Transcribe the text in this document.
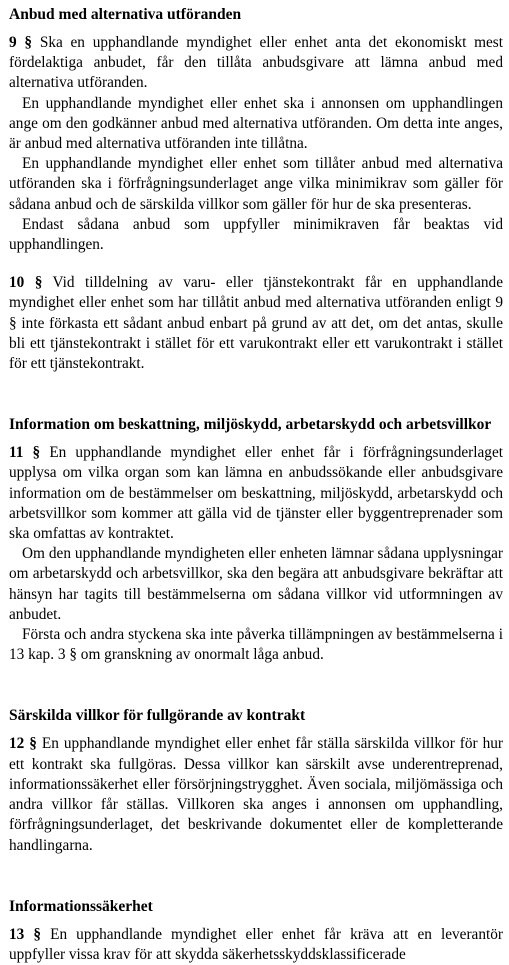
Anbud med alternativa utföranden

9 § Ska en upphandlande myndighet eller enhet anta det ekonomiskt mest fördelaktiga anbudet, får den tillåta anbudsgivare att lämna anbud med alternativa utföranden.

En upphandlande myndighet eller enhet ska i annonsen om upphandlingen ange om den godkänner anbud med alternativa utföranden. Om detta inte anges, är anbud med alternativa utföranden inte tillåtna.

En upphandlande myndighet eller enhet som tillåter anbud med alternativa utföranden ska i förfrågningsunderlaget ange vilka minimikrav som gäller för sådana anbud och de särskilda villkor som gäller för hur de ska presenteras.

Endast sådana anbud som uppfyller minimikraven får beaktas vid upphandlingen.

10 § Vid tilldelning av varu- eller tjänstekontrakt får en upphandlande myndighet eller enhet som har tillåtit anbud med alternativa utföranden enligt 9 § inte förkasta ett sådant anbud enbart på grund av att det, om det antas, skulle bli ett tjänstekontrakt i stället för ett varukontrakt eller ett varukontrakt i stället för ett tjänstekontrakt.

Information om beskattning, miljöskydd, arbetarskydd och arbetsvillkor

11 § En upphandlande myndighet eller enhet får i förfrågningsunderlaget upplysa om vilka organ som kan lämna en anbudssökande eller anbudsgivare information om de bestämmelser om beskattning, miljöskydd, arbetarskydd och arbetsvillkor som kommer att gälla vid de tjänster eller byggentreprenader som ska omfattas av kontraktet.

Om den upphandlande myndigheten eller enheten lämnar sådana upplysningar om arbetarskydd och arbetsvillkor, ska den begära att anbudsgivare bekräftar att hänsyn har tagits till bestämmelserna om sådana villkor vid utformningen av anbudet.

Första och andra styckena ska inte påverka tillämpningen av bestämmelserna i 13 kap. 3 § om granskning av onormalt låga anbud.

Särskilda villkor för fullgörande av kontrakt

12 § En upphandlande myndighet eller enhet får ställa särskilda villkor för hur ett kontrakt ska fullgöras. Dessa villkor kan särskilt avse underentreprenad, informationssäkerhet eller försörjningstrygghet. Även sociala, miljömässiga och andra villkor får ställas. Villkoren ska anges i annonsen om upphandling, förfrågningsunderlaget, det beskrivande dokumentet eller de kompletterande handlingarna.

Informationssäkerhet

13 § En upphandlande myndighet eller enhet får kräva att en leverantör uppfyller vissa krav för att skydda säkerhetsskyddsklassificerade
